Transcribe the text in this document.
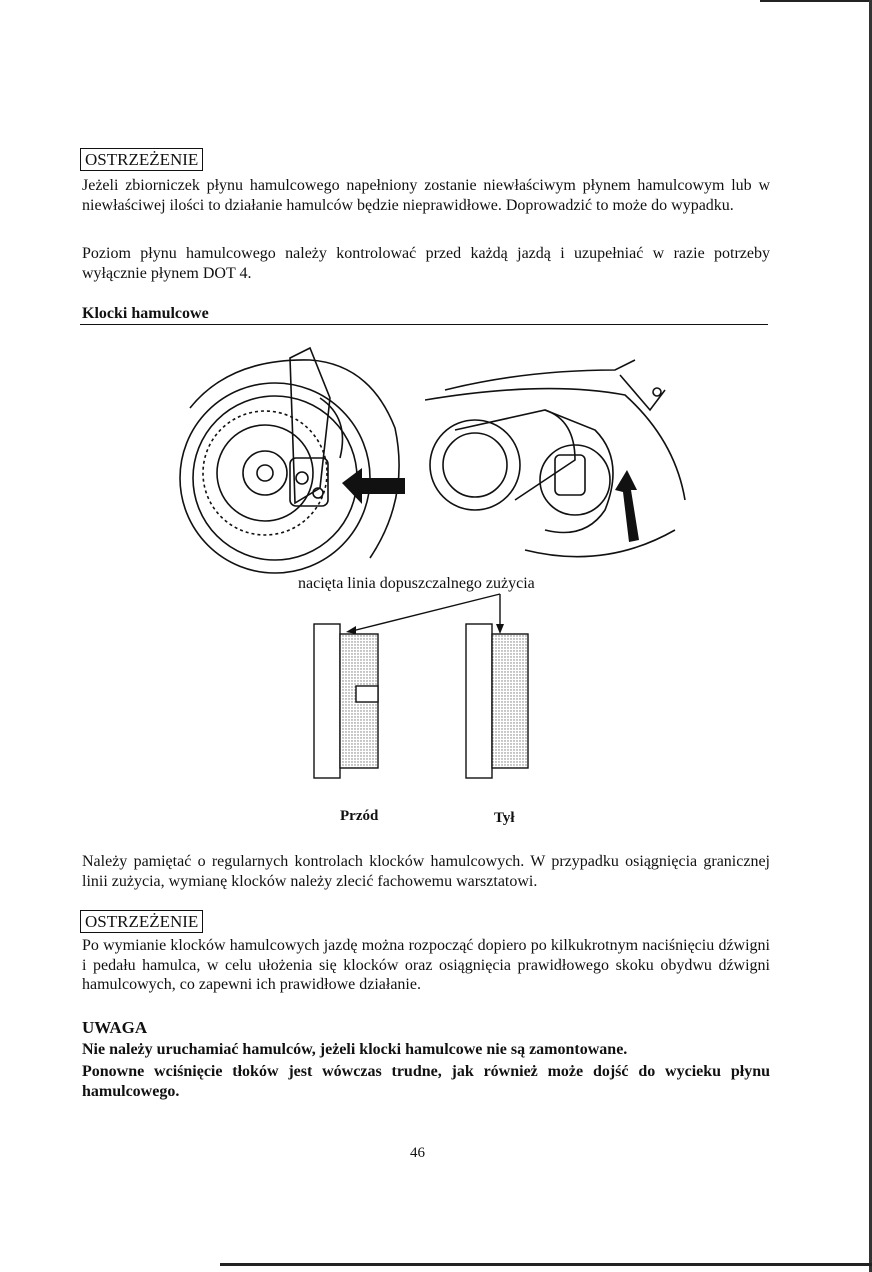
OSTRZEŻENIE
Jeżeli zbiorniczek płynu hamulcowego napełniony zostanie niewłaściwym płynem hamulcowym lub w niewłaściwej ilości to działanie hamulców będzie nieprawidłowe. Doprowadzić to może do wypadku.
Poziom płynu hamulcowego należy kontrolować przed każdą jazdą i uzupełniać w razie potrzeby wyłącznie płynem DOT 4.
Klocki hamulcowe
nacięta linia dopuszczalnego zużycia
Przód	Tył
Należy pamiętać o regularnych kontrolach klocków hamulcowych. W przypadku osiągnięcia granicznej linii zużycia, wymianę klocków należy zlecić fachowemu warsztatowi.
OSTRZEŻENIE
Po wymianie klocków hamulcowych jazdę można rozpocząć dopiero po kilkukrotnym naciśnięciu dźwigni i pedału hamulca, w celu ułożenia się klocków oraz osiągnięcia prawidłowego skoku obydwu dźwigni hamulcowych, co zapewni ich prawidłowe działanie.
UWAGA
Nie należy uruchamiać hamulców, jeżeli klocki hamulcowe nie są zamontowane.
Ponowne wciśnięcie tłoków jest wówczas trudne, jak również może dojść do wycieku płynu hamulcowego.
46
